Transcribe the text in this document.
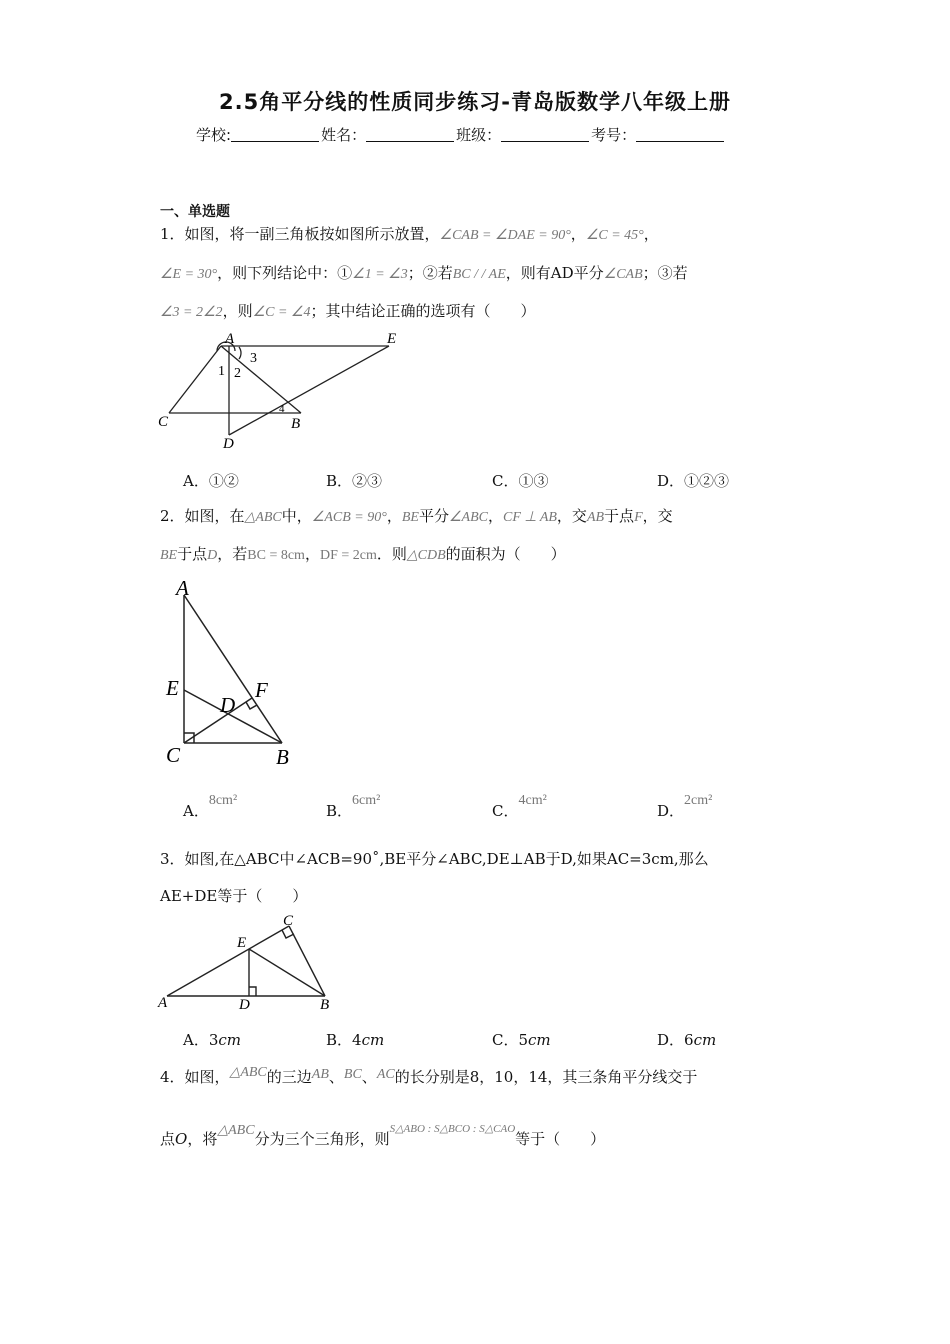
2.5角平分线的性质同步练习-青岛版数学八年级上册
学校:	姓名：	班级：	考号：
一、单选题
1．如图，将一副三角板按如图所示放置，∠CAB = ∠DAE = 90°，∠C = 45°，
∠E = 30°，则下列结论中：①∠1 = ∠3；②若BC / / AE，则有AD平分∠CAB；③若
∠3 = 2∠2，则∠C = ∠4；其中结论正确的选项有（　　）
A	E
C
D
B
1 2
3
4
A．①②	B．②③	C．①③	D．①②③
2．如图，在△ABC中，∠ACB = 90°，BE平分∠ABC，CF ⊥ AB，交AB于点F，交
BE于点D，若BC = 8cm，DF = 2cm．则△CDB的面积为（　　）
A
E
D
F
C	B
A．8cm²
B．6cm²
C．4cm²
D．2cm²
3．如图,在△ABC中∠ACB=90˚,BE平分∠ABC,DE⊥AB于D,如果AC=3cm,那么
AE+DE等于（　　）
C
E
A	D	B
A．3cm	B．4cm	C．5cm	D．6cm
4．如图，△ABC的三边AB、BC、AC的长分别是8，10，14，其三条角平分线交于
点O，将△ABC分为三个三角形，则$^{S\triangle ABO : S\triangle BCO : S\triangle CAO}$等于（　　）
